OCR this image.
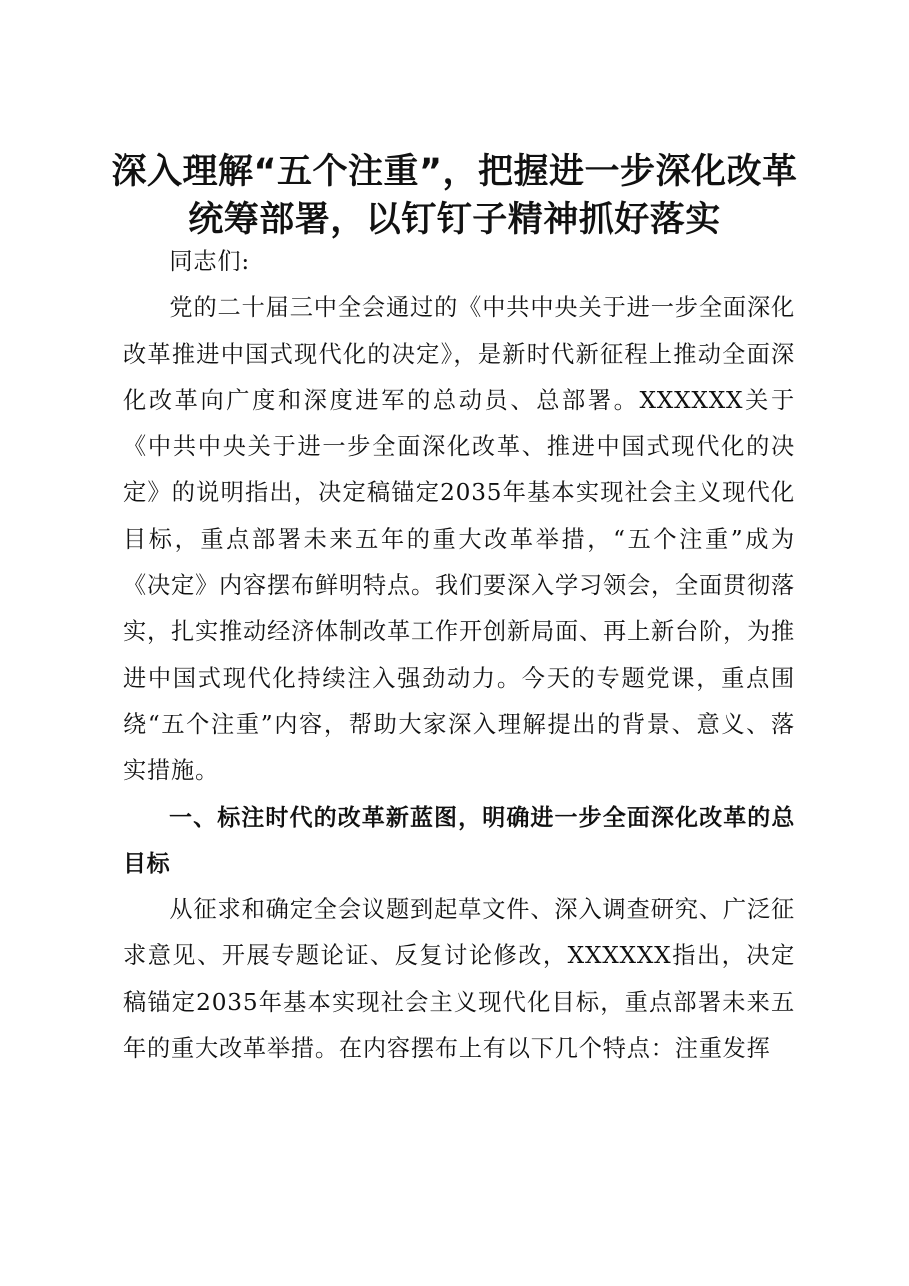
深入理解“五个注重”，把握进一步深化改革
统筹部署，以钉钉子精神抓好落实

同志们:

党的二十届三中全会通过的《中共中央关于进一步全面深化改革推进中国式现代化的决定》，是新时代新征程上推动全面深化改革向广度和深度进军的总动员、总部署。XXXXXX关于《中共中央关于进一步全面深化改革、推进中国式现代化的决定》的说明指出，决定稿锚定2035年基本实现社会主义现代化目标，重点部署未来五年的重大改革举措，“五个注重”成为《决定》内容摆布鲜明特点。我们要深入学习领会，全面贯彻落实，扎实推动经济体制改革工作开创新局面、再上新台阶，为推进中国式现代化持续注入强劲动力。今天的专题党课，重点围绕“五个注重”内容，帮助大家深入理解提出的背景、意义、落实措施。

一、标注时代的改革新蓝图，明确进一步全面深化改革的总目标

从征求和确定全会议题到起草文件、深入调查研究、广泛征求意见、开展专题论证、反复讨论修改，XXXXXX指出，决定稿锚定2035年基本实现社会主义现代化目标，重点部署未来五年的重大改革举措。在内容摆布上有以下几个特点：注重发挥
